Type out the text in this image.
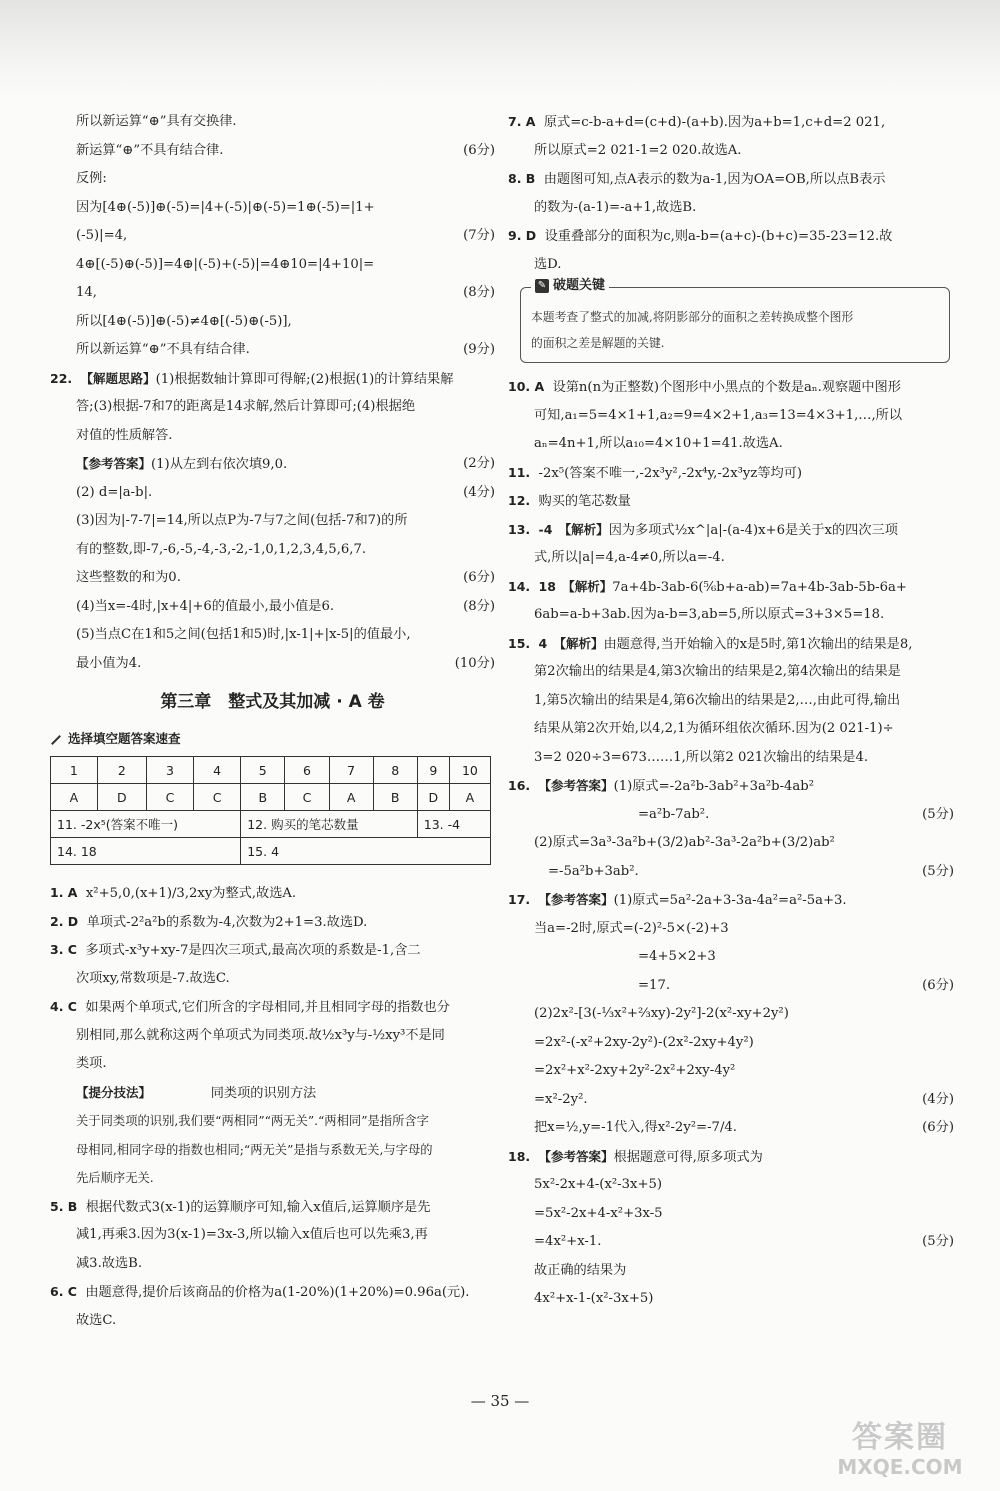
所以新运算“⊕”具有交换律.
新运算“⊕”不具有结合律.	(6分)
反例:
因为[4⊕(-5)]⊕(-5)=|4+(-5)|⊕(-5)=1⊕(-5)=|1+
(-5)|=4,	(7分)
4⊕[(-5)⊕(-5)]=4⊕|(-5)+(-5)|=4⊕10=|4+10|=
14,	(8分)
所以[4⊕(-5)]⊕(-5)≠4⊕[(-5)⊕(-5)],
所以新运算“⊕”不具有结合律.	(9分)
22. 【解题思路】(1)根据数轴计算即可得解;(2)根据(1)的计算结果解
答;(3)根据-7和7的距离是14求解,然后计算即可;(4)根据绝
对值的性质解答.
【参考答案】(1)从左到右依次填9,0.	(2分)
(2) d=|a-b|.	(4分)
(3)因为|-7-7|=14,所以点P为-7与7之间(包括-7和7)的所
有的整数,即-7,-6,-5,-4,-3,-2,-1,0,1,2,3,4,5,6,7.
这些整数的和为0.	(6分)
(4)当x=-4时,|x+4|+6的值最小,最小值是6.	(8分)
(5)当点C在1和5之间(包括1和5)时,|x-1|+|x-5|的值最小,
最小值为4.	(10分)
第三章　整式及其加减 · A 卷
选择填空题答案速查
1	2	3	4	5	6	7	8	9	10
A	D	C	C	B	C	A	B	D	A
11. -2x⁵(答案不唯一)				12. 购买的笔芯数量				13. -4	
14. 18				15. 4					
1. A x²+5,0,(x+1)/3,2xy为整式,故选A.
2. D 单项式-2²a²b的系数为-4,次数为2+1=3.故选D.
3. C 多项式-x³y+xy-7是四次三项式,最高次项的系数是-1,含二
次项xy,常数项是-7.故选C.
4. C 如果两个单项式,它们所含的字母相同,并且相同字母的指数也分
别相同,那么就称这两个单项式为同类项.故½x³y与-½xy³不是同
类项.
【提分技法】　　　　　同类项的识别方法
关于同类项的识别,我们要“两相同”“两无关”.“两相同”是指所含字
母相同,相同字母的指数也相同;“两无关”是指与系数无关,与字母的
先后顺序无关.
5. B 根据代数式3(x-1)的运算顺序可知,输入x值后,运算顺序是先
减1,再乘3.因为3(x-1)=3x-3,所以输入x值后也可以先乘3,再
减3.故选B.
6. C 由题意得,提价后该商品的价格为a(1-20%)(1+20%)=0.96a(元).
故选C.
7. A 原式=c-b-a+d=(c+d)-(a+b).因为a+b=1,c+d=2 021,
所以原式=2 021-1=2 020.故选A.
8. B 由题图可知,点A表示的数为a-1,因为OA=OB,所以点B表示
的数为-(a-1)=-a+1,故选B.
9. D 设重叠部分的面积为c,则a-b=(a+c)-(b+c)=35-23=12.故
选D.
✎ 破题关键
本题考查了整式的加减,将阴影部分的面积之差转换成整个图形
的面积之差是解题的关键.
10. A 设第n(n为正整数)个图形中小黑点的个数是aₙ.观察题中图形
可知,a₁=5=4×1+1,a₂=9=4×2+1,a₃=13=4×3+1,…,所以
aₙ=4n+1,所以a₁₀=4×10+1=41.故选A.
11. -2x⁵(答案不唯一,-2x³y²,-2x⁴y,-2x³yz等均可)
12. 购买的笔芯数量
13. -4　【解析】因为多项式½x^|a|-(a-4)x+6是关于x的四次三项
式,所以|a|=4,a-4≠0,所以a=-4.
14. 18　【解析】7a+4b-3ab-6(⅚b+a-ab)=7a+4b-3ab-5b-6a+
6ab=a-b+3ab.因为a-b=3,ab=5,所以原式=3+3×5=18.
15. 4　【解析】由题意得,当开始输入的x是5时,第1次输出的结果是8,
第2次输出的结果是4,第3次输出的结果是2,第4次输出的结果是
1,第5次输出的结果是4,第6次输出的结果是2,…,由此可得,输出
结果从第2次开始,以4,2,1为循环组依次循环.因为(2 021-1)÷
3=2 020÷3=673……1,所以第2 021次输出的结果是4.
16. 【参考答案】(1)原式=-2a²b-3ab²+3a²b-4ab²
=a²b-7ab².	(5分)
(2)原式=3a³-3a²b+(3/2)ab²-3a³-2a²b+(3/2)ab²
=-5a²b+3ab².	(5分)
17. 【参考答案】(1)原式=5a²-2a+3-3a-4a²=a²-5a+3.
当a=-2时,原式=(-2)²-5×(-2)+3
=4+5×2+3
=17.	(6分)
(2)2x²-[3(-⅓x²+⅔xy)-2y²]-2(x²-xy+2y²)
=2x²-(-x²+2xy-2y²)-(2x²-2xy+4y²)
=2x²+x²-2xy+2y²-2x²+2xy-4y²
=x²-2y².	(4分)
把x=½,y=-1代入,得x²-2y²=-7/4.	(6分)
18. 【参考答案】根据题意可得,原多项式为
5x²-2x+4-(x²-3x+5)
=5x²-2x+4-x²+3x-5
=4x²+x-1.	(5分)
故正确的结果为
4x²+x-1-(x²-3x+5)
— 35 —
答案圈
MXQE.COM
